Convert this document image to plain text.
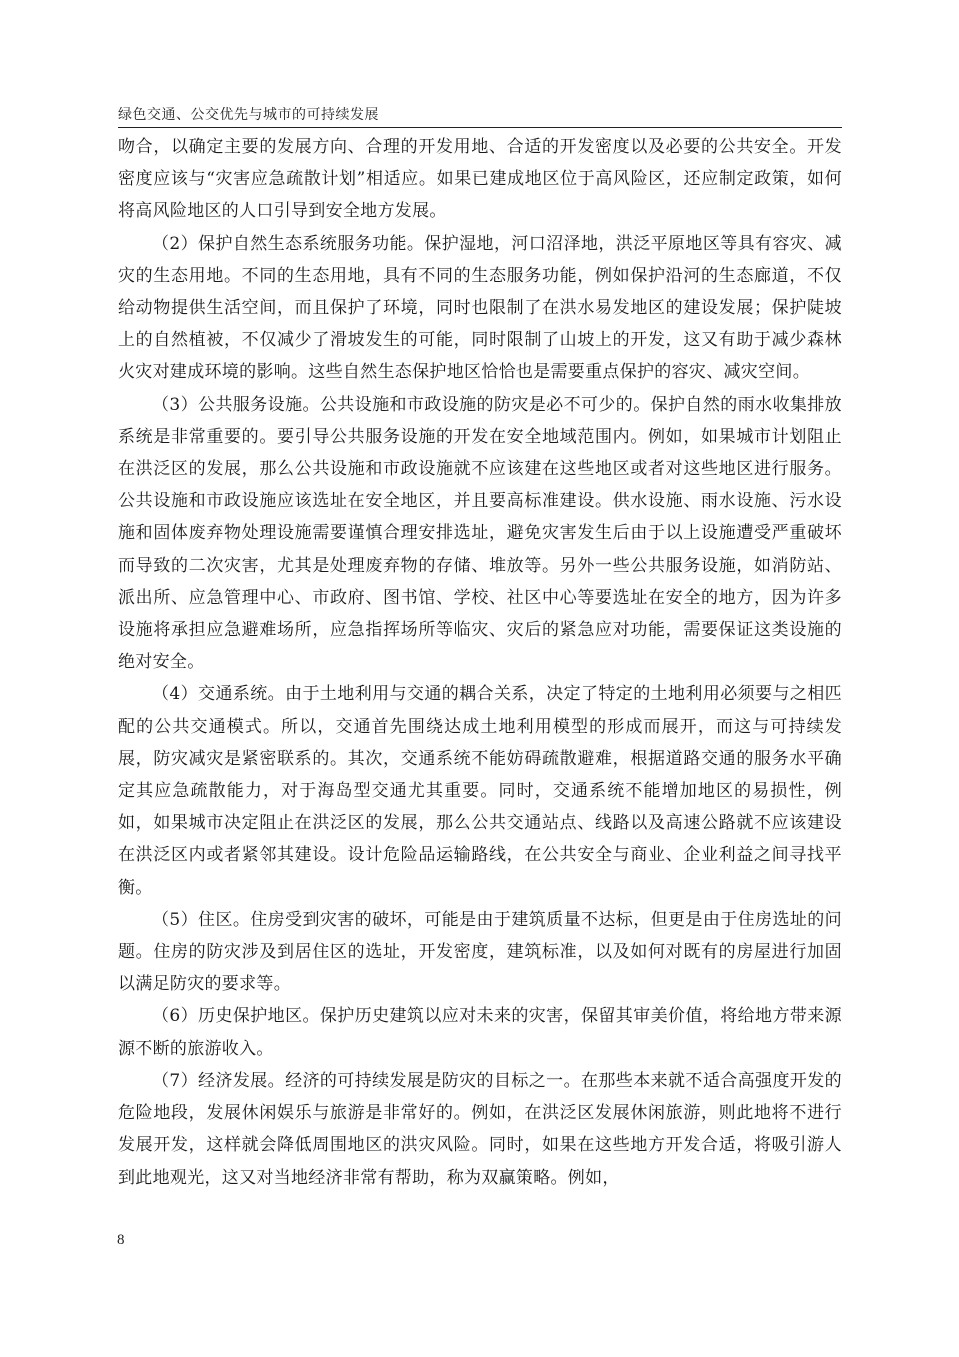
绿色交通、公交优先与城市的可持续发展

吻合，以确定主要的发展方向、合理的开发用地、合适的开发密度以及必要的公共安全。开发密度应该与“灾害应急疏散计划”相适应。如果已建成地区位于高风险区，还应制定政策，如何将高风险地区的人口引导到安全地方发展。

（2）保护自然生态系统服务功能。保护湿地，河口沼泽地，洪泛平原地区等具有容灾、减灾的生态用地。不同的生态用地，具有不同的生态服务功能，例如保护沿河的生态廊道，不仅给动物提供生活空间，而且保护了环境，同时也限制了在洪水易发地区的建设发展；保护陡坡上的自然植被，不仅减少了滑坡发生的可能，同时限制了山坡上的开发，这又有助于减少森林火灾对建成环境的影响。这些自然生态保护地区恰恰也是需要重点保护的容灾、减灾空间。

（3）公共服务设施。公共设施和市政设施的防灾是必不可少的。保护自然的雨水收集排放系统是非常重要的。要引导公共服务设施的开发在安全地域范围内。例如，如果城市计划阻止在洪泛区的发展，那么公共设施和市政设施就不应该建在这些地区或者对这些地区进行服务。公共设施和市政设施应该选址在安全地区，并且要高标准建设。供水设施、雨水设施、污水设施和固体废弃物处理设施需要谨慎合理安排选址，避免灾害发生后由于以上设施遭受严重破坏而导致的二次灾害，尤其是处理废弃物的存储、堆放等。另外一些公共服务设施，如消防站、派出所、应急管理中心、市政府、图书馆、学校、社区中心等要选址在安全的地方，因为许多设施将承担应急避难场所，应急指挥场所等临灾、灾后的紧急应对功能，需要保证这类设施的绝对安全。

（4）交通系统。由于土地利用与交通的耦合关系，决定了特定的土地利用必须要与之相匹配的公共交通模式。所以，交通首先围绕达成土地利用模型的形成而展开，而这与可持续发展，防灾减灾是紧密联系的。其次，交通系统不能妨碍疏散避难，根据道路交通的服务水平确定其应急疏散能力，对于海岛型交通尤其重要。同时，交通系统不能增加地区的易损性，例如，如果城市决定阻止在洪泛区的发展，那么公共交通站点、线路以及高速公路就不应该建设在洪泛区内或者紧邻其建设。设计危险品运输路线，在公共安全与商业、企业利益之间寻找平衡。

（5）住区。住房受到灾害的破坏，可能是由于建筑质量不达标，但更是由于住房选址的问题。住房的防灾涉及到居住区的选址，开发密度，建筑标准，以及如何对既有的房屋进行加固以满足防灾的要求等。

（6）历史保护地区。保护历史建筑以应对未来的灾害，保留其审美价值，将给地方带来源源不断的旅游收入。

（7）经济发展。经济的可持续发展是防灾的目标之一。在那些本来就不适合高强度开发的危险地段，发展休闲娱乐与旅游是非常好的。例如，在洪泛区发展休闲旅游，则此地将不进行发展开发，这样就会降低周围地区的洪灾风险。同时，如果在这些地方开发合适，将吸引游人到此地观光，这又对当地经济非常有帮助，称为双赢策略。例如，

8
